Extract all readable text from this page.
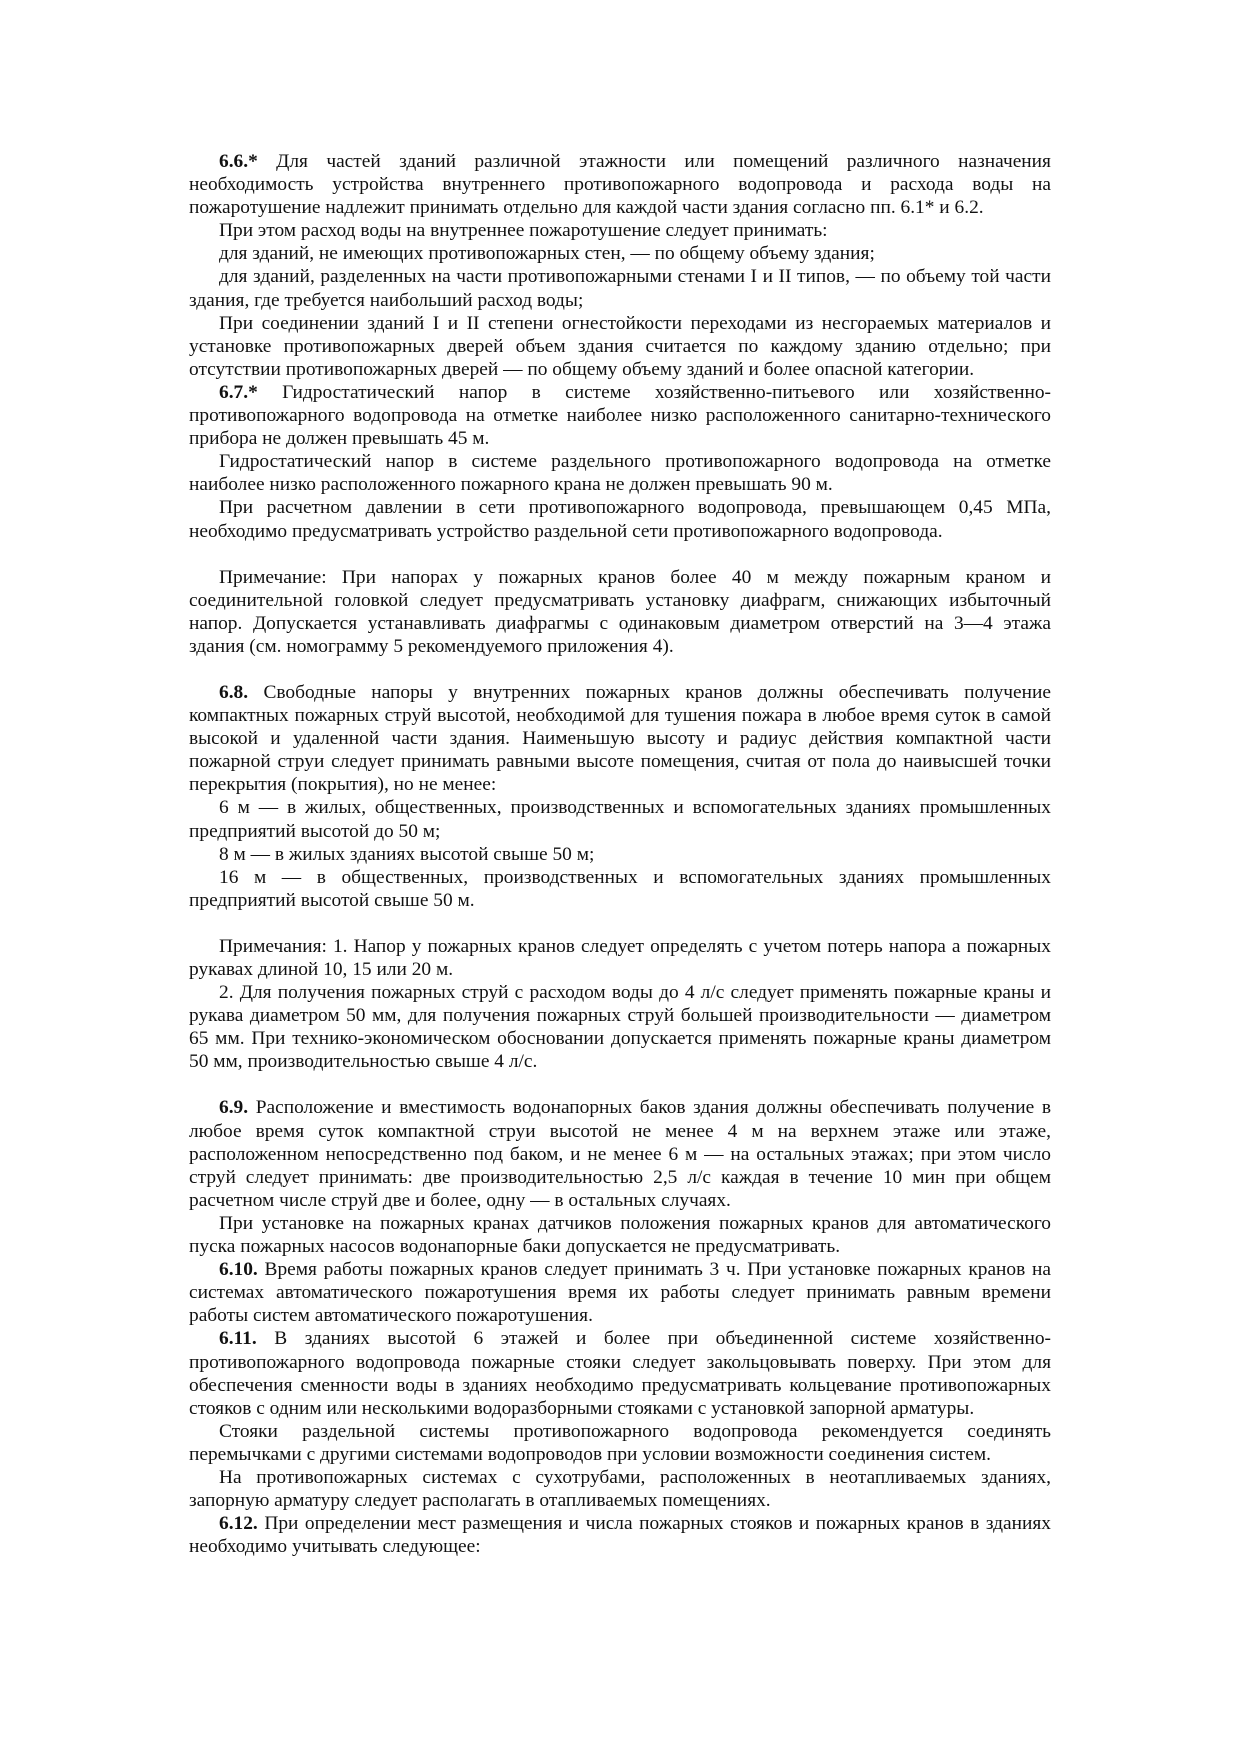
6.6.* Для частей зданий различной этажности или помещений различного назначения необходимость устройства внутреннего противопожарного водопровода и расхода воды на пожаротушение надлежит принимать отдельно для каждой части здания согласно пп. 6.1* и 6.2.

При этом расход воды на внутреннее пожаротушение следует принимать:

для зданий, не имеющих противопожарных стен, — по общему объему здания;

для зданий, разделенных на части противопожарными стенами I и II типов, — по объему той части здания, где требуется наибольший расход воды;

При соединении зданий I и II степени огнестойкости переходами из несгораемых материалов и установке противопожарных дверей объем здания считается по каждому зданию отдельно; при отсутствии противопожарных дверей — по общему объему зданий и более опасной категории.

6.7.* Гидростатический напор в системе хозяйственно-питьевого или хозяйственно-противопожарного водопровода на отметке наиболее низко расположенного санитарно-технического прибора не должен превышать 45 м.

Гидростатический напор в системе раздельного противопожарного водопровода на отметке наиболее низко расположенного пожарного крана не должен превышать 90 м.

При расчетном давлении в сети противопожарного водопровода, превышающем 0,45 МПа, необходимо предусматривать устройство раздельной сети противопожарного водопровода.

Примечание: При напорах у пожарных кранов более 40 м между пожарным краном и соединительной головкой следует предусматривать установку диафрагм, снижающих избыточный напор. Допускается устанавливать диафрагмы с одинаковым диаметром отверстий на 3—4 этажа здания (см. номограмму 5 рекомендуемого приложения 4).

6.8. Свободные напоры у внутренних пожарных кранов должны обеспечивать получение компактных пожарных струй высотой, необходимой для тушения пожара в любое время суток в самой высокой и удаленной части здания. Наименьшую высоту и радиус действия компактной части пожарной струи следует принимать равными высоте помещения, считая от пола до наивысшей точки перекрытия (покрытия), но не менее:

6 м — в жилых, общественных, производственных и вспомогательных зданиях промышленных предприятий высотой до 50 м;

8 м — в жилых зданиях высотой свыше 50 м;

16 м — в общественных, производственных и вспомогательных зданиях промышленных предприятий высотой свыше 50 м.

Примечания: 1. Напор у пожарных кранов следует определять с учетом потерь напора а пожарных рукавах длиной 10, 15 или 20 м.

2. Для получения пожарных струй с расходом воды до 4 л/с следует применять пожарные краны и рукава диаметром 50 мм, для получения пожарных струй большей производительности — диаметром 65 мм. При технико-экономическом обосновании допускается применять пожарные краны диаметром 50 мм, производительностью свыше 4 л/с.

6.9. Расположение и вместимость водонапорных баков здания должны обеспечивать получение в любое время суток компактной струи высотой не менее 4 м на верхнем этаже или этаже, расположенном непосредственно под баком, и не менее 6 м — на остальных этажах; при этом число струй следует принимать: две производительностью 2,5 л/с каждая в течение 10 мин при общем расчетном числе струй две и более, одну — в остальных случаях.

При установке на пожарных кранах датчиков положения пожарных кранов для автоматического пуска пожарных насосов водонапорные баки допускается не предусматривать.

6.10. Время работы пожарных кранов следует принимать 3 ч. При установке пожарных кранов на системах автоматического пожаротушения время их работы следует принимать равным времени работы систем автоматического пожаротушения.

6.11. В зданиях высотой 6 этажей и более при объединенной системе хозяйственно-противопожарного водопровода пожарные стояки следует закольцовывать поверху. При этом для обеспечения сменности воды в зданиях необходимо предусматривать кольцевание противопожарных стояков с одним или несколькими водоразборными стояками с установкой запорной арматуры.

Стояки раздельной системы противопожарного водопровода рекомендуется соединять перемычками с другими системами водопроводов при условии возможности соединения систем.

На противопожарных системах с сухотрубами, расположенных в неотапливаемых зданиях, запорную арматуру следует располагать в отапливаемых помещениях.

6.12. При определении мест размещения и числа пожарных стояков и пожарных кранов в зданиях необходимо учитывать следующее:
